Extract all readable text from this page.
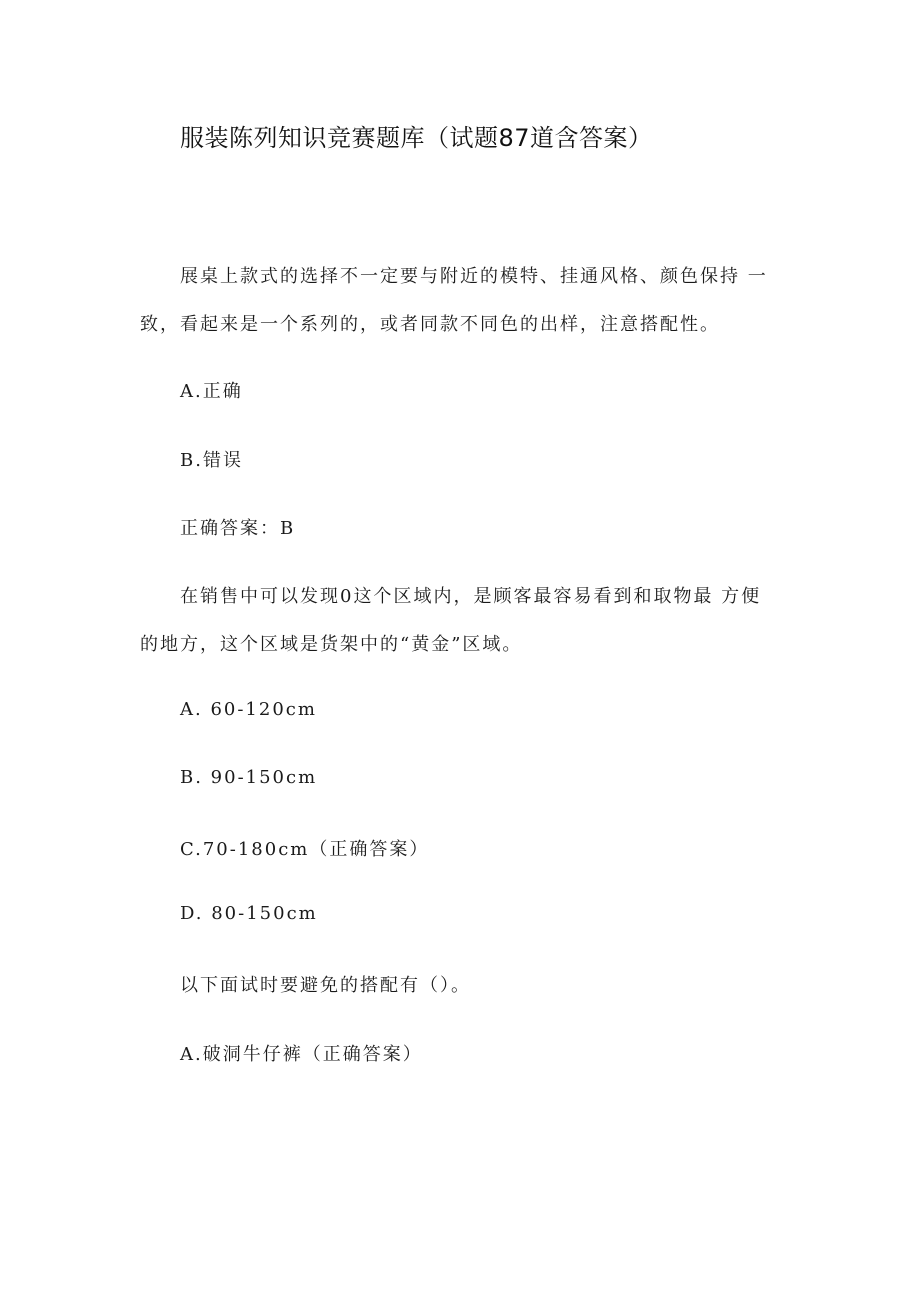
服装陈列知识竞赛题库（试题87道含答案）
展桌上款式的选择不一定要与附近的模特、挂通风格、颜色保持 一
致，看起来是一个系列的，或者同款不同色的出样，注意搭配性。
A.正确
B.错误
正确答案：B
在销售中可以发现0这个区域内，是顾客最容易看到和取物最 方便
的地方，这个区域是货架中的“黄金”区域。
A. 60-120cm
B. 90-150cm
C.70-180cm（正确答案）
D. 80-150cm
以下面试时要避免的搭配有（）。
A.破洞牛仔裤（正确答案）
